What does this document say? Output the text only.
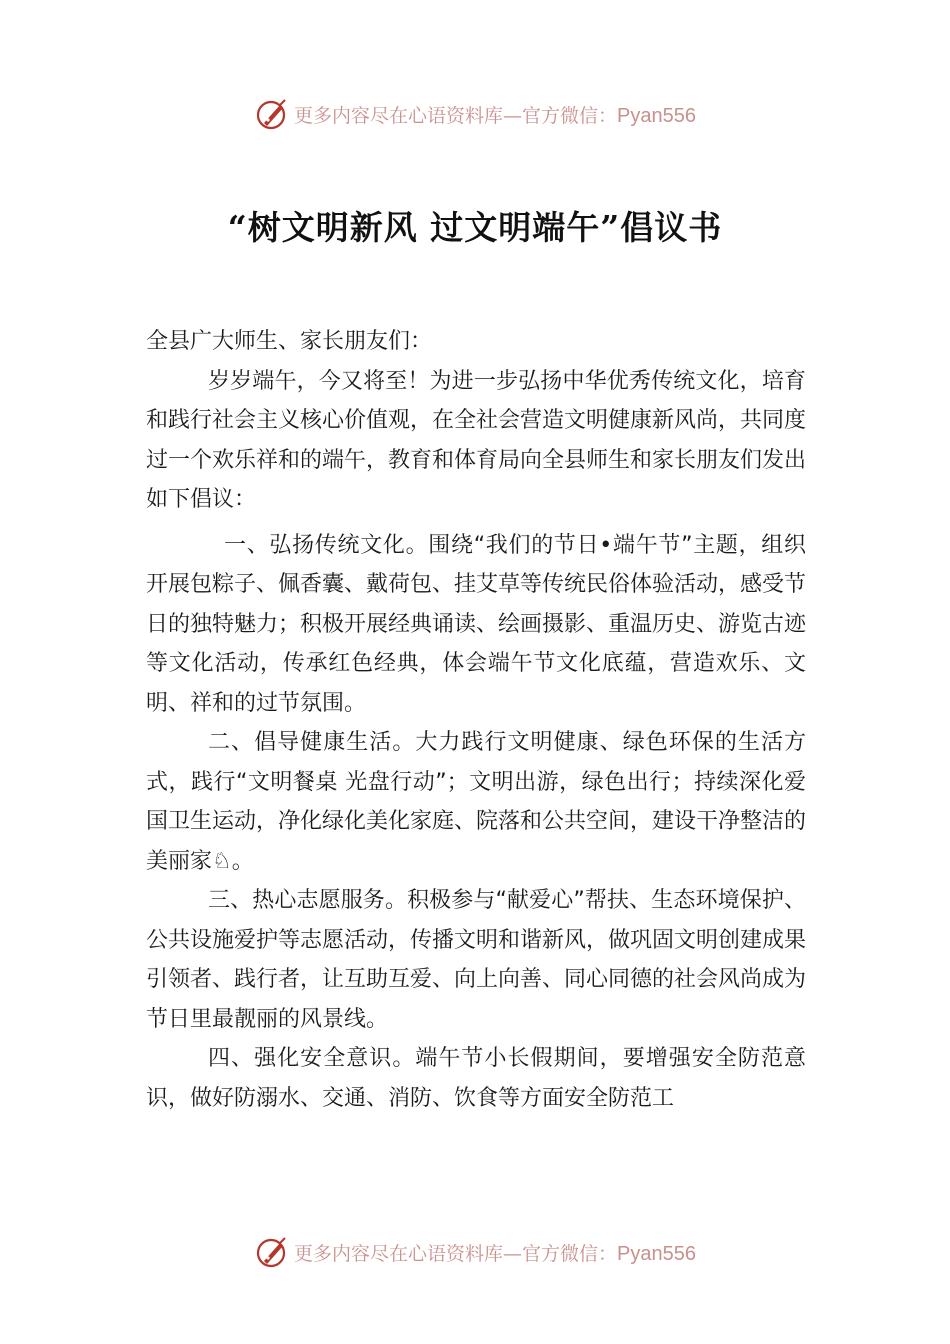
更多内容尽在心语资料库—官方微信：Pyan556
“树文明新风 过文明端午”倡议书

全县广大师生、家长朋友们：

岁岁端午，今又将至！为进一步弘扬中华优秀传统文化，培育和践行社会主义核心价值观，在全社会营造文明健康新风尚，共同度过一个欢乐祥和的端午，教育和体育局向全县师生和家长朋友们发出如下倡议：

一、弘扬传统文化。围绕“我们的节日•端午节”主题，组织开展包粽子、佩香囊、戴荷包、挂艾草等传统民俗体验活动，感受节日的独特魅力；积极开展经典诵读、绘画摄影、重温历史、游览古迹等文化活动，传承红色经典，体会端午节文化底蕴，营造欢乐、文明、祥和的过节氛围。

二、倡导健康生活。大力践行文明健康、绿色环保的生活方式，践行“文明餐桌 光盘行动”；文明出游，绿色出行；持续深化爱国卫生运动，净化绿化美化家庭、院落和公共空间，建设干净整洁的美丽家♘。

三、热心志愿服务。积极参与“献爱心”帮扶、生态环境保护、公共设施爱护等志愿活动，传播文明和谐新风，做巩固文明创建成果引领者、践行者，让互助互爱、向上向善、同心同德的社会风尚成为节日里最靓丽的风景线。

四、强化安全意识。端午节小长假期间，要增强安全防范意识，做好防溺水、交通、消防、饮食等方面安全防范工

更多内容尽在心语资料库—官方微信：Pyan556
